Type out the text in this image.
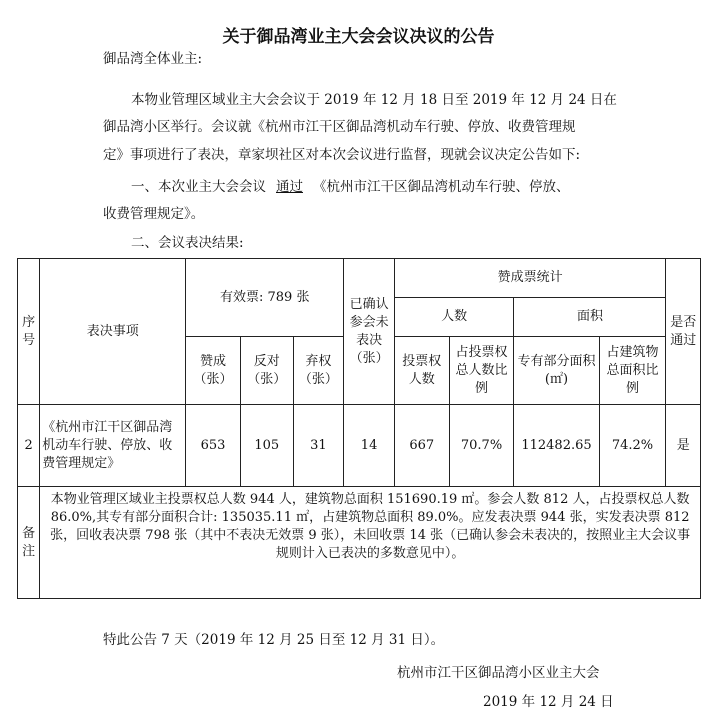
关于御品湾业主大会会议决议的公告
御品湾全体业主:
本物业管理区域业主大会会议于 2019 年 12 月 18 日至 2019 年 12 月 24 日在
御品湾小区举行。会议就《杭州市江干区御品湾机动车行驶、停放、收费管理规
定》事项进行了表决，章家坝社区对本次会议进行监督，现就会议决定公告如下:
一、本次业主大会会议 通过 《杭州市江干区御品湾机动车行驶、停放、
收费管理规定》。
二、会议表决结果:
序号	表决事项	有效票: 789 张			已确认参会未表决（张）	赞成票统计				是否通过
						人数		面积		
		赞成（张）	反对（张）	弃权（张）		投票权人数	占投票权总人数比例	专有部分面积(㎡)	占建筑物总面积比例	
2	《杭州市江干区御品湾机动车行驶、停放、收费管理规定》	653	105	31	14	667	70.7%	112482.65	74.2%	是
备注	本物业管理区域业主投票权总人数 944 人，建筑物总面积 151690.19 ㎡。参会人数 812 人，占投票权总人数 86.0%,其专有部分面积合计: 135035.11 ㎡，占建筑物总面积 89.0%。应发表决票 944 张，实发表决票 812 张，回收表决票 798 张（其中不表决无效票 9 张），未回收票 14 张（已确认参会未表决的，按照业主大会议事规则计入已表决的多数意见中）。									
特此公告 7 天（2019 年 12 月 25 日至 12 月 31 日）。
杭州市江干区御品湾小区业主大会
2019 年 12 月 24 日
